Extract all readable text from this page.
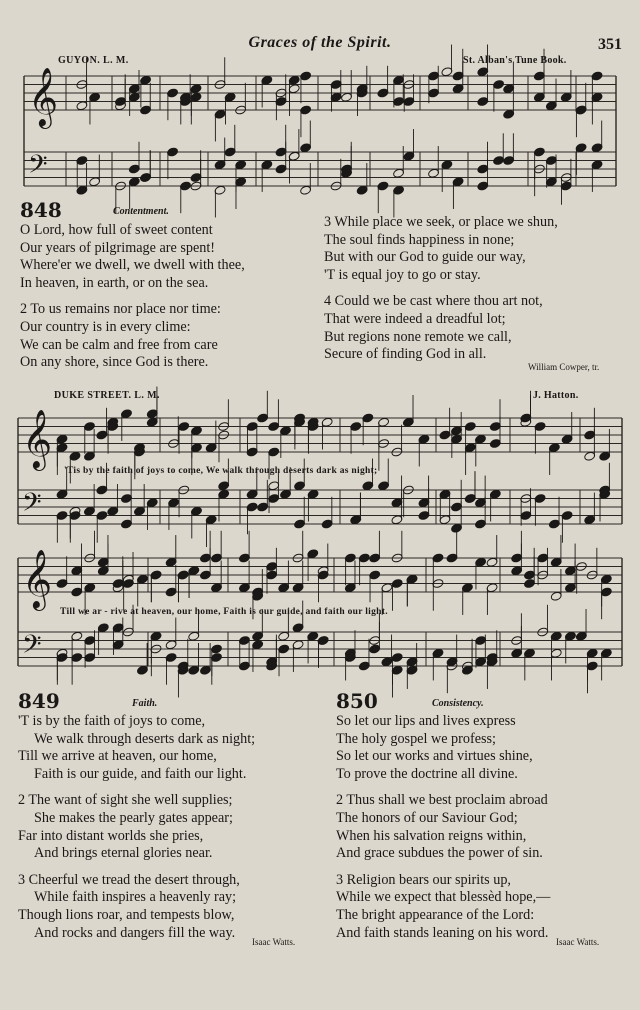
Graces of the Spirit.	351
GUYON. L. M.	St. Alban's Tune Book.
𝄞
𝄢
848	Contentment.

O Lord, how full of sweet content

Our years of pilgrimage are spent!

Where'er we dwell, we dwell with thee,

In heaven, in earth, or on the sea.

2 To us remains nor place nor time:

Our country is in every clime:

We can be calm and free from care

On any shore, since God is there.

3 While place we seek, or place we shun,

The soul finds happiness in none;

But with our God to guide our way,

'T is equal joy to go or stay.

4 Could we be cast where thou art not,

That were indeed a dreadful lot;

But regions none remote we call,

Secure of finding God in all.

William Cowper, tr.
DUKE STREET. L. M.	J. Hatton.
𝄞
𝄢
𝄞
𝄢
'Tis by the faith of joys to come, We walk through deserts dark as night;
Till we ar - rive at heaven, our home, Faith is our guide, and faith our light.
849	Faith.

'T is by the faith of joys to come,

We walk through deserts dark as night;

Till we arrive at heaven, our home,

Faith is our guide, and faith our light.

2 The want of sight she well supplies;

She makes the pearly gates appear;

Far into distant worlds she pries,

And brings eternal glories near.

3 Cheerful we tread the desert through,

While faith inspires a heavenly ray;

Though lions roar, and tempests blow,

And rocks and dangers fill the way.

Isaac Watts.
850	Consistency.

So let our lips and lives express

The holy gospel we profess;

So let our works and virtues shine,

To prove the doctrine all divine.

2 Thus shall we best proclaim abroad

The honors of our Saviour God;

When his salvation reigns within,

And grace subdues the power of sin.

3 Religion bears our spirits up,

While we expect that blessèd hope,—

The bright appearance of the Lord:

And faith stands leaning on his word.

Isaac Watts.
